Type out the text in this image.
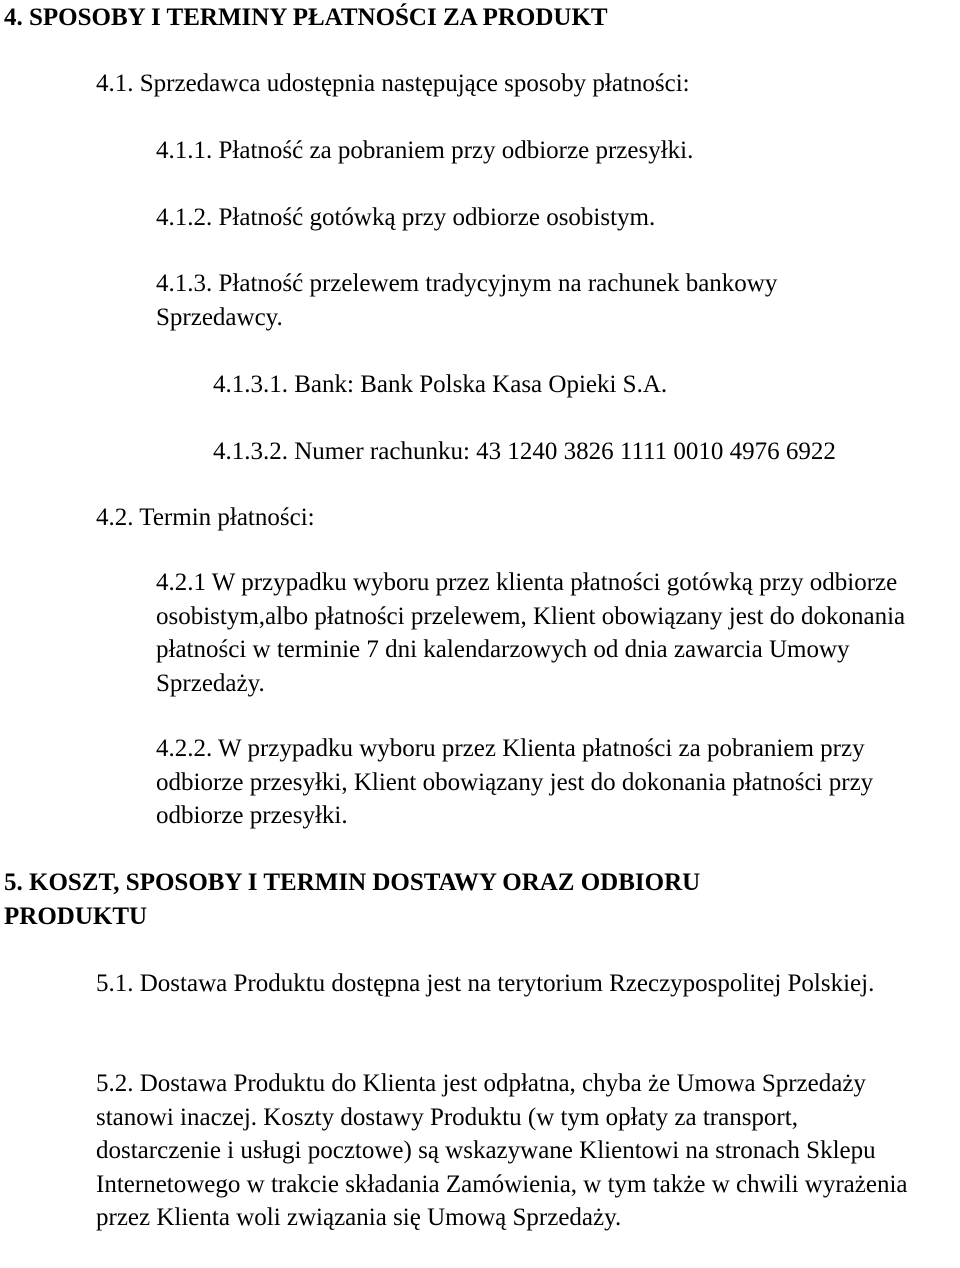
4. SPOSOBY I TERMINY PŁATNOŚCI ZA PRODUKT
4.1. Sprzedawca udostępnia następujące sposoby płatności:
4.1.1. Płatność za pobraniem przy odbiorze przesyłki.
4.1.2. Płatność gotówką przy odbiorze osobistym.
4.1.3. Płatność przelewem tradycyjnym na rachunek bankowy Sprzedawcy.
4.1.3.1. Bank: Bank Polska Kasa Opieki S.A.
4.1.3.2. Numer rachunku: 43 1240 3826 1111 0010 4976 6922
4.2. Termin płatności:
4.2.1 W przypadku wyboru przez klienta płatności gotówką przy odbiorze osobistym,albo płatności przelewem, Klient obowiązany jest do dokonania płatności w terminie 7 dni kalendarzowych od dnia zawarcia Umowy Sprzedaży.
4.2.2. W przypadku wyboru przez Klienta płatności za pobraniem przy odbiorze przesyłki, Klient obowiązany jest do dokonania płatności przy odbiorze przesyłki.
5. KOSZT, SPOSOBY I TERMIN DOSTAWY ORAZ ODBIORU PRODUKTU
5.1. Dostawa Produktu dostępna jest na terytorium Rzeczypospolitej Polskiej.
5.2. Dostawa Produktu do Klienta jest odpłatna, chyba że Umowa Sprzedaży stanowi inaczej. Koszty dostawy Produktu (w tym opłaty za transport, dostarczenie i usługi pocztowe) są wskazywane Klientowi na stronach Sklepu Internetowego w trakcie składania Zamówienia, w tym także w chwili wyrażenia przez Klienta woli związania się Umową Sprzedaży.
